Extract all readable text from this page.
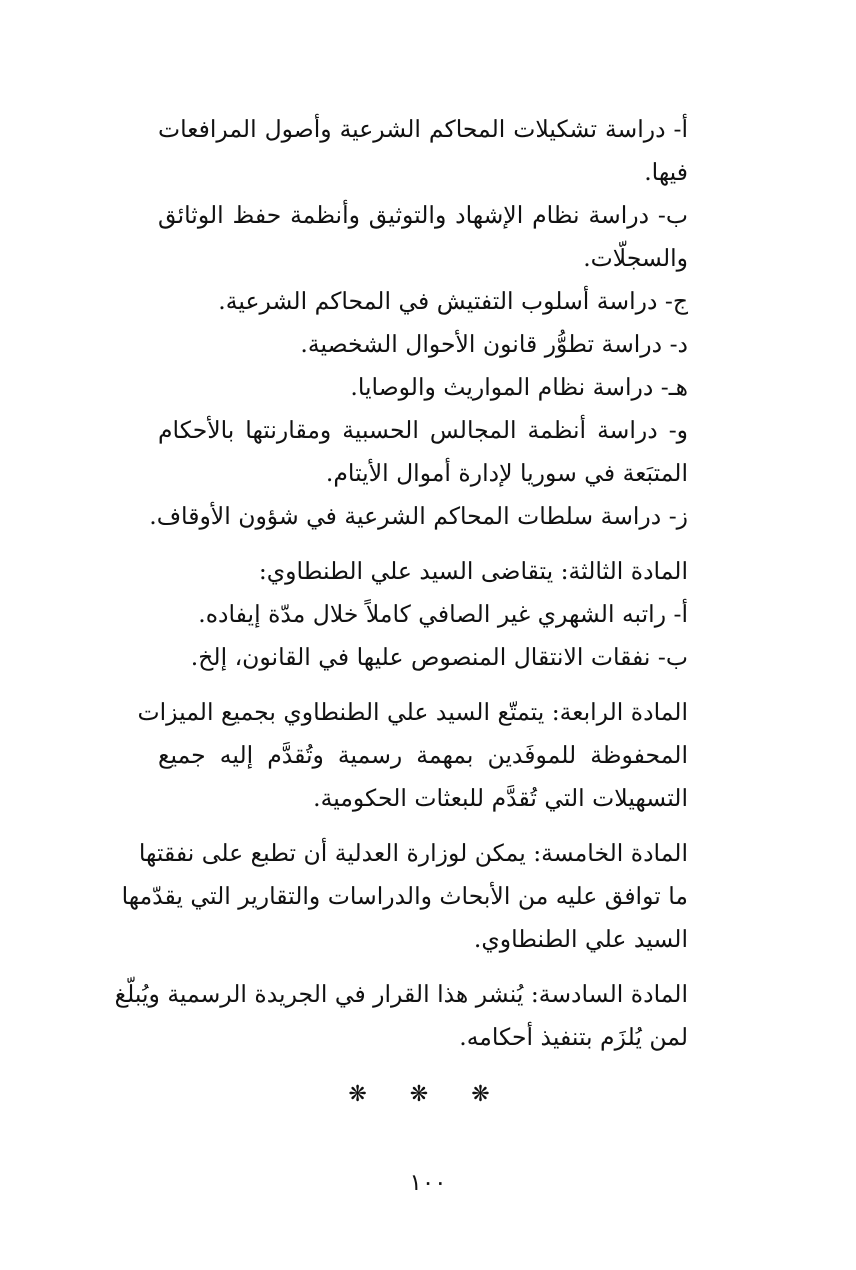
أ- دراسة تشكيلات المحاكم الشرعية وأصول المرافعات
فيها.
ب- دراسة نظام الإشهاد والتوثيق وأنظمة حفظ الوثائق
والسجلّات.
ج- دراسة أسلوب التفتيش في المحاكم الشرعية.
د- دراسة تطوُّر قانون الأحوال الشخصية.
هـ- دراسة نظام المواريث والوصايا.
و- دراسة أنظمة المجالس الحسبية ومقارنتها بالأحكام
المتبَعة في سوريا لإدارة أموال الأيتام.
ز- دراسة سلطات المحاكم الشرعية في شؤون الأوقاف.
المادة الثالثة: يتقاضى السيد علي الطنطاوي:
أ- راتبه الشهري غير الصافي كاملاً خلال مدّة إيفاده.
ب- نفقات الانتقال المنصوص عليها في القانون، إلخ.
المادة الرابعة: يتمتّع السيد علي الطنطاوي بجميع الميزات
المحفوظة للموفَدين بمهمة رسمية وتُقدَّم إليه جميع
التسهيلات التي تُقدَّم للبعثات الحكومية.
المادة الخامسة: يمكن لوزارة العدلية أن تطبع على نفقتها
ما توافق عليه من الأبحاث والدراسات والتقارير التي يقدّمها
السيد علي الطنطاوي.
المادة السادسة: يُنشر هذا القرار في الجريدة الرسمية ويُبلّغ
لمن يُلزَم بتنفيذ أحكامه.
❋ ❋ ❋
١٠٠
